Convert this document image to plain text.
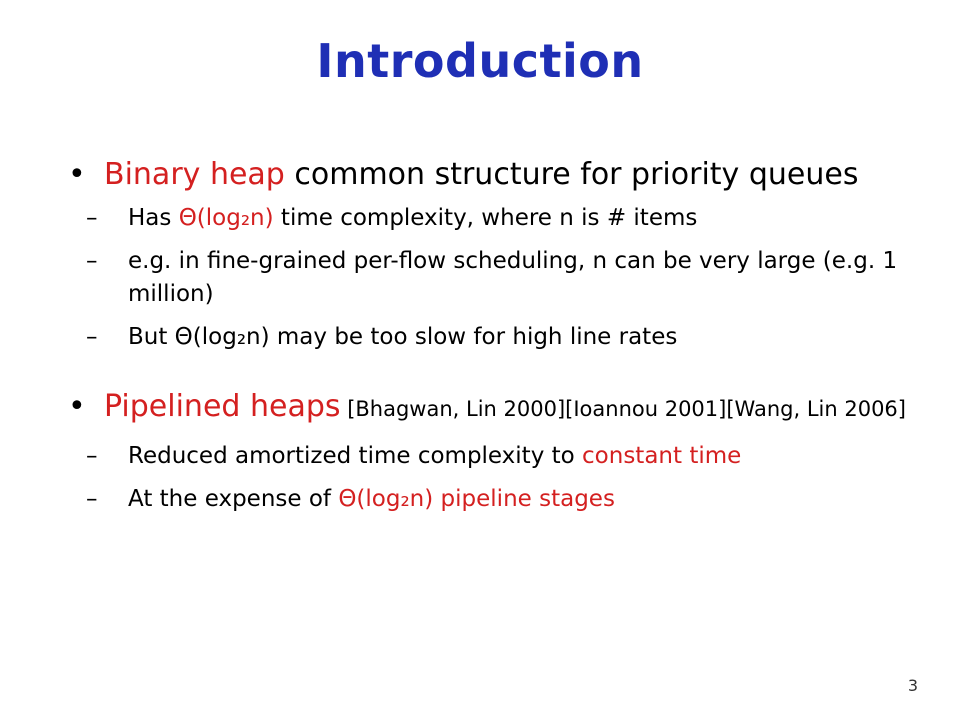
Introduction
• Binary heap common structure for priority queues
– Has Θ(log₂n) time complexity, where n is # items
– e.g. in fine-grained per-flow scheduling, n can be very large (e.g. 1 million)
– But Θ(log₂n) may be too slow for high line rates
• Pipelined heaps [Bhagwan, Lin 2000][Ioannou 2001][Wang, Lin 2006]
– Reduced amortized time complexity to constant time
– At the expense of Θ(log₂n) pipeline stages
3
